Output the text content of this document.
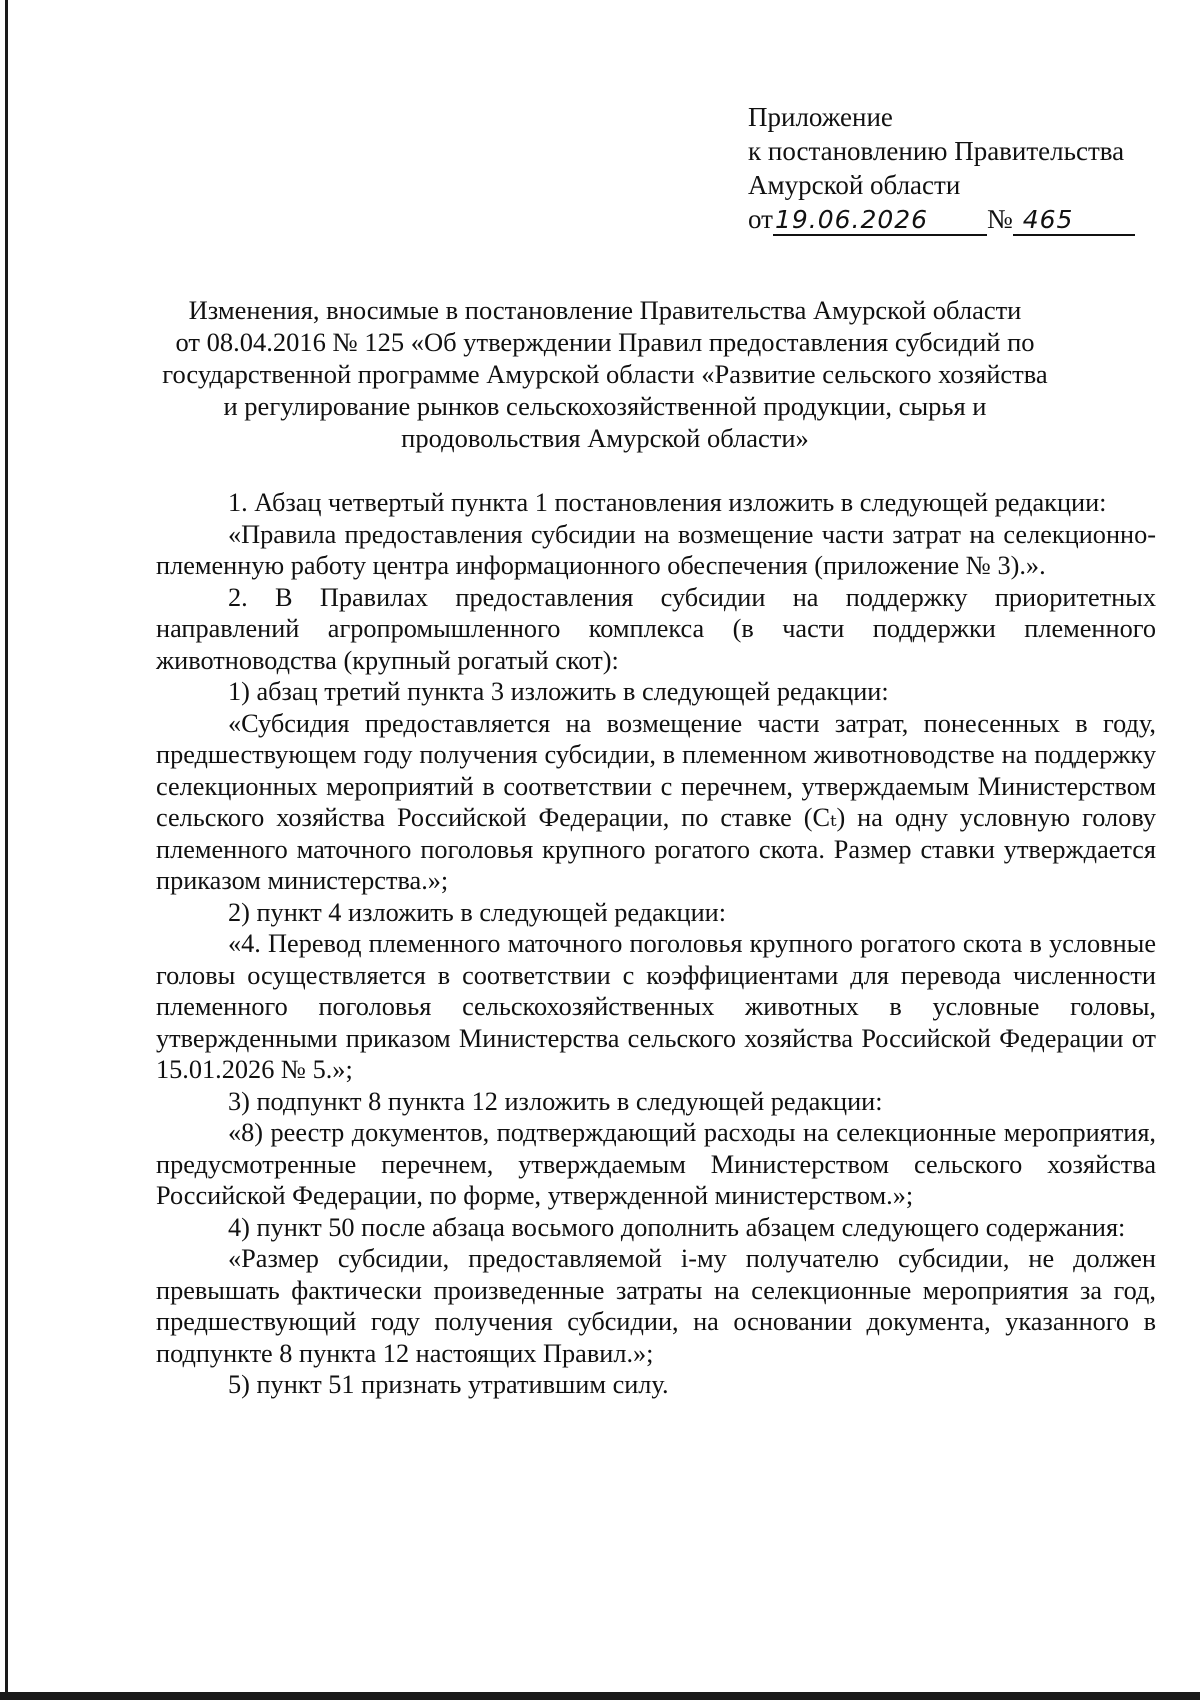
Приложение
к постановлению Правительства
Амурской области
от19.06.2026 № 465
Изменения, вносимые в постановление Правительства Амурской области
от 08.04.2016 № 125 «Об утверждении Правил предоставления субсидий по
государственной программе Амурской области «Развитие сельского хозяйства
и регулирование рынков сельскохозяйственной продукции, сырья и
продовольствия Амурской области»

1. Абзац четвертый пункта 1 постановления изложить в следующей редакции:

«Правила предоставления субсидии на возмещение части затрат на селекционно-племенную работу центра информационного обеспечения (приложение № 3).».

2. В Правилах предоставления субсидии на поддержку приоритетных направлений агропромышленного комплекса (в части поддержки племенного животноводства (крупный рогатый скот):

1) абзац третий пункта 3 изложить в следующей редакции:

«Субсидия предоставляется на возмещение части затрат, понесенных в году, предшествующем году получения субсидии, в племенном животноводстве на поддержку селекционных мероприятий в соответствии с перечнем, утверждаемым Министерством сельского хозяйства Российской Федерации, по ставке (Cₜ) на одну условную голову племенного маточного поголовья крупного рогатого скота. Размер ставки утверждается приказом министерства.»;

2) пункт 4 изложить в следующей редакции:

«4. Перевод племенного маточного поголовья крупного рогатого скота в условные головы осуществляется в соответствии с коэффициентами для перевода численности племенного поголовья сельскохозяйственных животных в условные головы, утвержденными приказом Министерства сельского хозяйства Российской Федерации от 15.01.2026 № 5.»;

3) подпункт 8 пункта 12 изложить в следующей редакции:

«8) реестр документов, подтверждающий расходы на селекционные мероприятия, предусмотренные перечнем, утверждаемым Министерством сельского хозяйства Российской Федерации, по форме, утвержденной министерством.»;

4) пункт 50 после абзаца восьмого дополнить абзацем следующего содержания:

«Размер субсидии, предоставляемой i-му получателю субсидии, не должен превышать фактически произведенные затраты на селекционные мероприятия за год, предшествующий году получения субсидии, на основании документа, указанного в подпункте 8 пункта 12 настоящих Правил.»;

5) пункт 51 признать утратившим силу.
